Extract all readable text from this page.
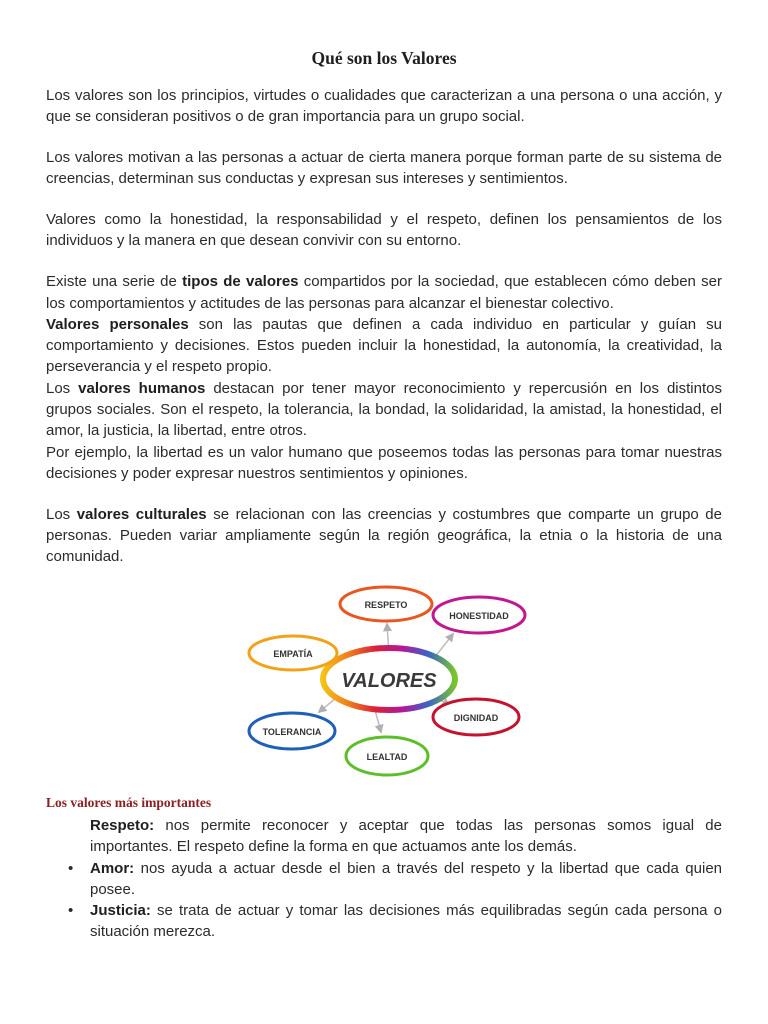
Qué son los Valores

Los valores son los principios, virtudes o cualidades que caracterizan a una persona o una acción, y que se consideran positivos o de gran importancia para un grupo social.

Los valores motivan a las personas a actuar de cierta manera porque forman parte de su sistema de creencias, determinan sus conductas y expresan sus intereses y sentimientos.

Valores como la honestidad, la responsabilidad y el respeto, definen los pensamientos de los individuos y la manera en que desean convivir con su entorno.

Existe una serie de tipos de valores compartidos por la sociedad, que establecen cómo deben ser los comportamientos y actitudes de las personas para alcanzar el bienestar colectivo.

Valores personales son las pautas que definen a cada individuo en particular y guían su comportamiento y decisiones. Estos pueden incluir la honestidad, la autonomía, la creatividad, la perseverancia y el respeto propio.

Los valores humanos destacan por tener mayor reconocimiento y repercusión en los distintos grupos sociales. Son el respeto, la tolerancia, la bondad, la solidaridad, la amistad, la honestidad, el amor, la justicia, la libertad, entre otros.

Por ejemplo, la libertad es un valor humano que poseemos todas las personas para tomar nuestras decisiones y poder expresar nuestros sentimientos y opiniones.

Los valores culturales se relacionan con las creencias y costumbres que comparte un grupo de personas. Pueden variar ampliamente según la región geográfica, la etnia o la historia de una comunidad.

VALORES
RESPETO
HONESTIDAD
EMPATÍA
DIGNIDAD
TOLERANCIA
LEALTAD
Los valores más importantes
Respeto: nos permite reconocer y aceptar que todas las personas somos igual de importantes. El respeto define la forma en que actuamos ante los demás.
• Amor: nos ayuda a actuar desde el bien a través del respeto y la libertad que cada quien posee.
• Justicia: se trata de actuar y tomar las decisiones más equilibradas según cada persona o situación merezca.
